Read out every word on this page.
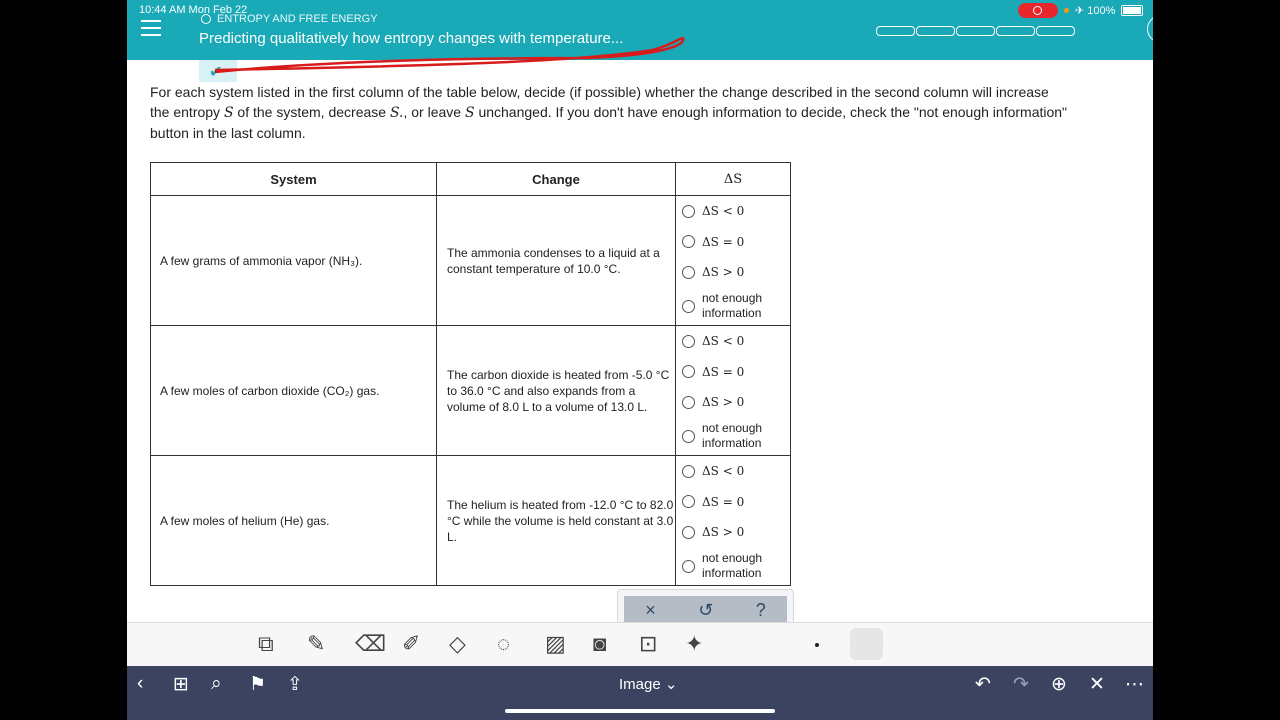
10:44 AM Mon Feb 22	✈ 100%
ENTROPY AND FREE ENERGY
Predicting qualitatively how entropy changes with temperature...
✔
For each system listed in the first column of the table below, decide (if possible) whether the change described in the second column will increase
the entropy S of the system, decrease S., or leave S unchanged. If you don't have enough information to decide, check the "not enough information"
button in the last column.
System	Change	ΔS
A few grams of ammonia vapor (NH₃).	The ammonia condenses to a liquid at a constant temperature of 10.0 °C.	ΔS < 0
ΔS = 0
ΔS > 0
not enough information

A few moles of carbon dioxide (CO₂) gas.	The carbon dioxide is heated from -5.0 °C to 36.0 °C and also expands from a volume of 8.0 L to a volume of 13.0 L.	ΔS < 0
ΔS = 0
ΔS > 0
not enough information

A few moles of helium (He) gas.	The helium is heated from -12.0 °C to 82.0 °C while the volume is held constant at 3.0 L.	ΔS < 0
ΔS = 0
ΔS > 0
not enough information
× ↺ ?
⧉ ✎ ⌫ ✐ ◇ ◌ ▨ ◙ ⊡ ✦
‹ ⊞ ⌕ ⚑ ⇪	Image ⌄	↶ ↷ ⊕ ✕ ⋯
